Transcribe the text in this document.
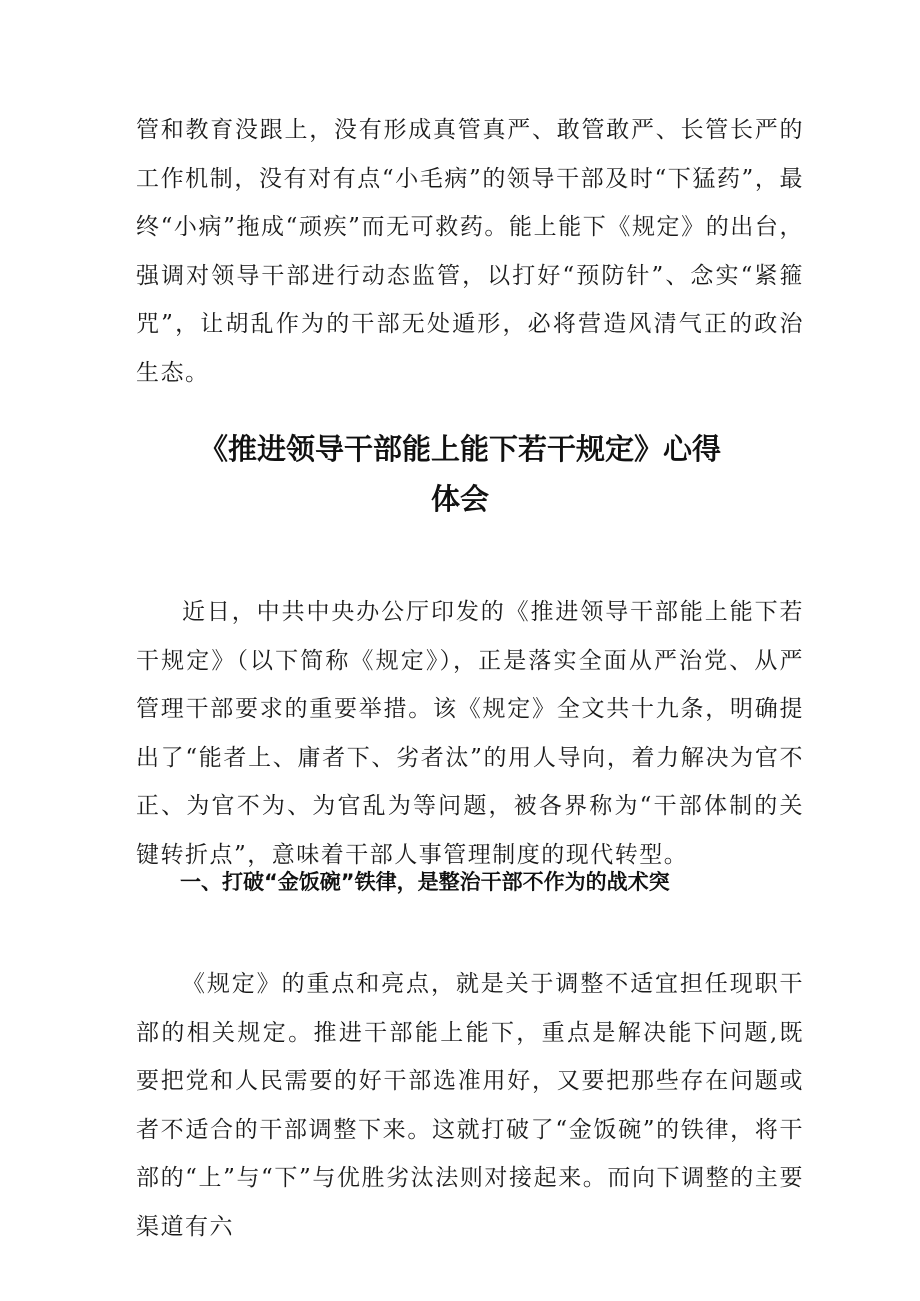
管和教育没跟上，没有形成真管真严、敢管敢严、长管长严的工作机制，没有对有点“小毛病”的领导干部及时“下猛药”，最终“小病”拖成“顽疾”而无可救药。能上能下《规定》的出台，强调对领导干部进行动态监管，以打好“预防针”、念实“紧箍咒”，让胡乱作为的干部无处遁形，必将营造风清气正的政治生态。

《推进领导干部能上能下若干规定》心得
体会

近日，中共中央办公厅印发的《推进领导干部能上能下若干规定》（以下简称《规定》），正是落实全面从严治党、从严管理干部要求的重要举措。该《规定》全文共十九条，明确提出了“能者上、庸者下、劣者汰”的用人导向，着力解决为官不正、为官不为、为官乱为等问题，被各界称为“干部体制的关键转折点”，意味着干部人事管理制度的现代转型。

一、打破“金饭碗”铁律，是整治干部不作为的战术突

《规定》的重点和亮点，就是关于调整不适宜担任现职干部的相关规定。推进干部能上能下，重点是解决能下问题,既要把党和人民需要的好干部选准用好，又要把那些存在问题或者不适合的干部调整下来。这就打破了“金饭碗”的铁律，将干部的“上”与“下”与优胜劣汰法则对接起来。而向下调整的主要渠道有六
